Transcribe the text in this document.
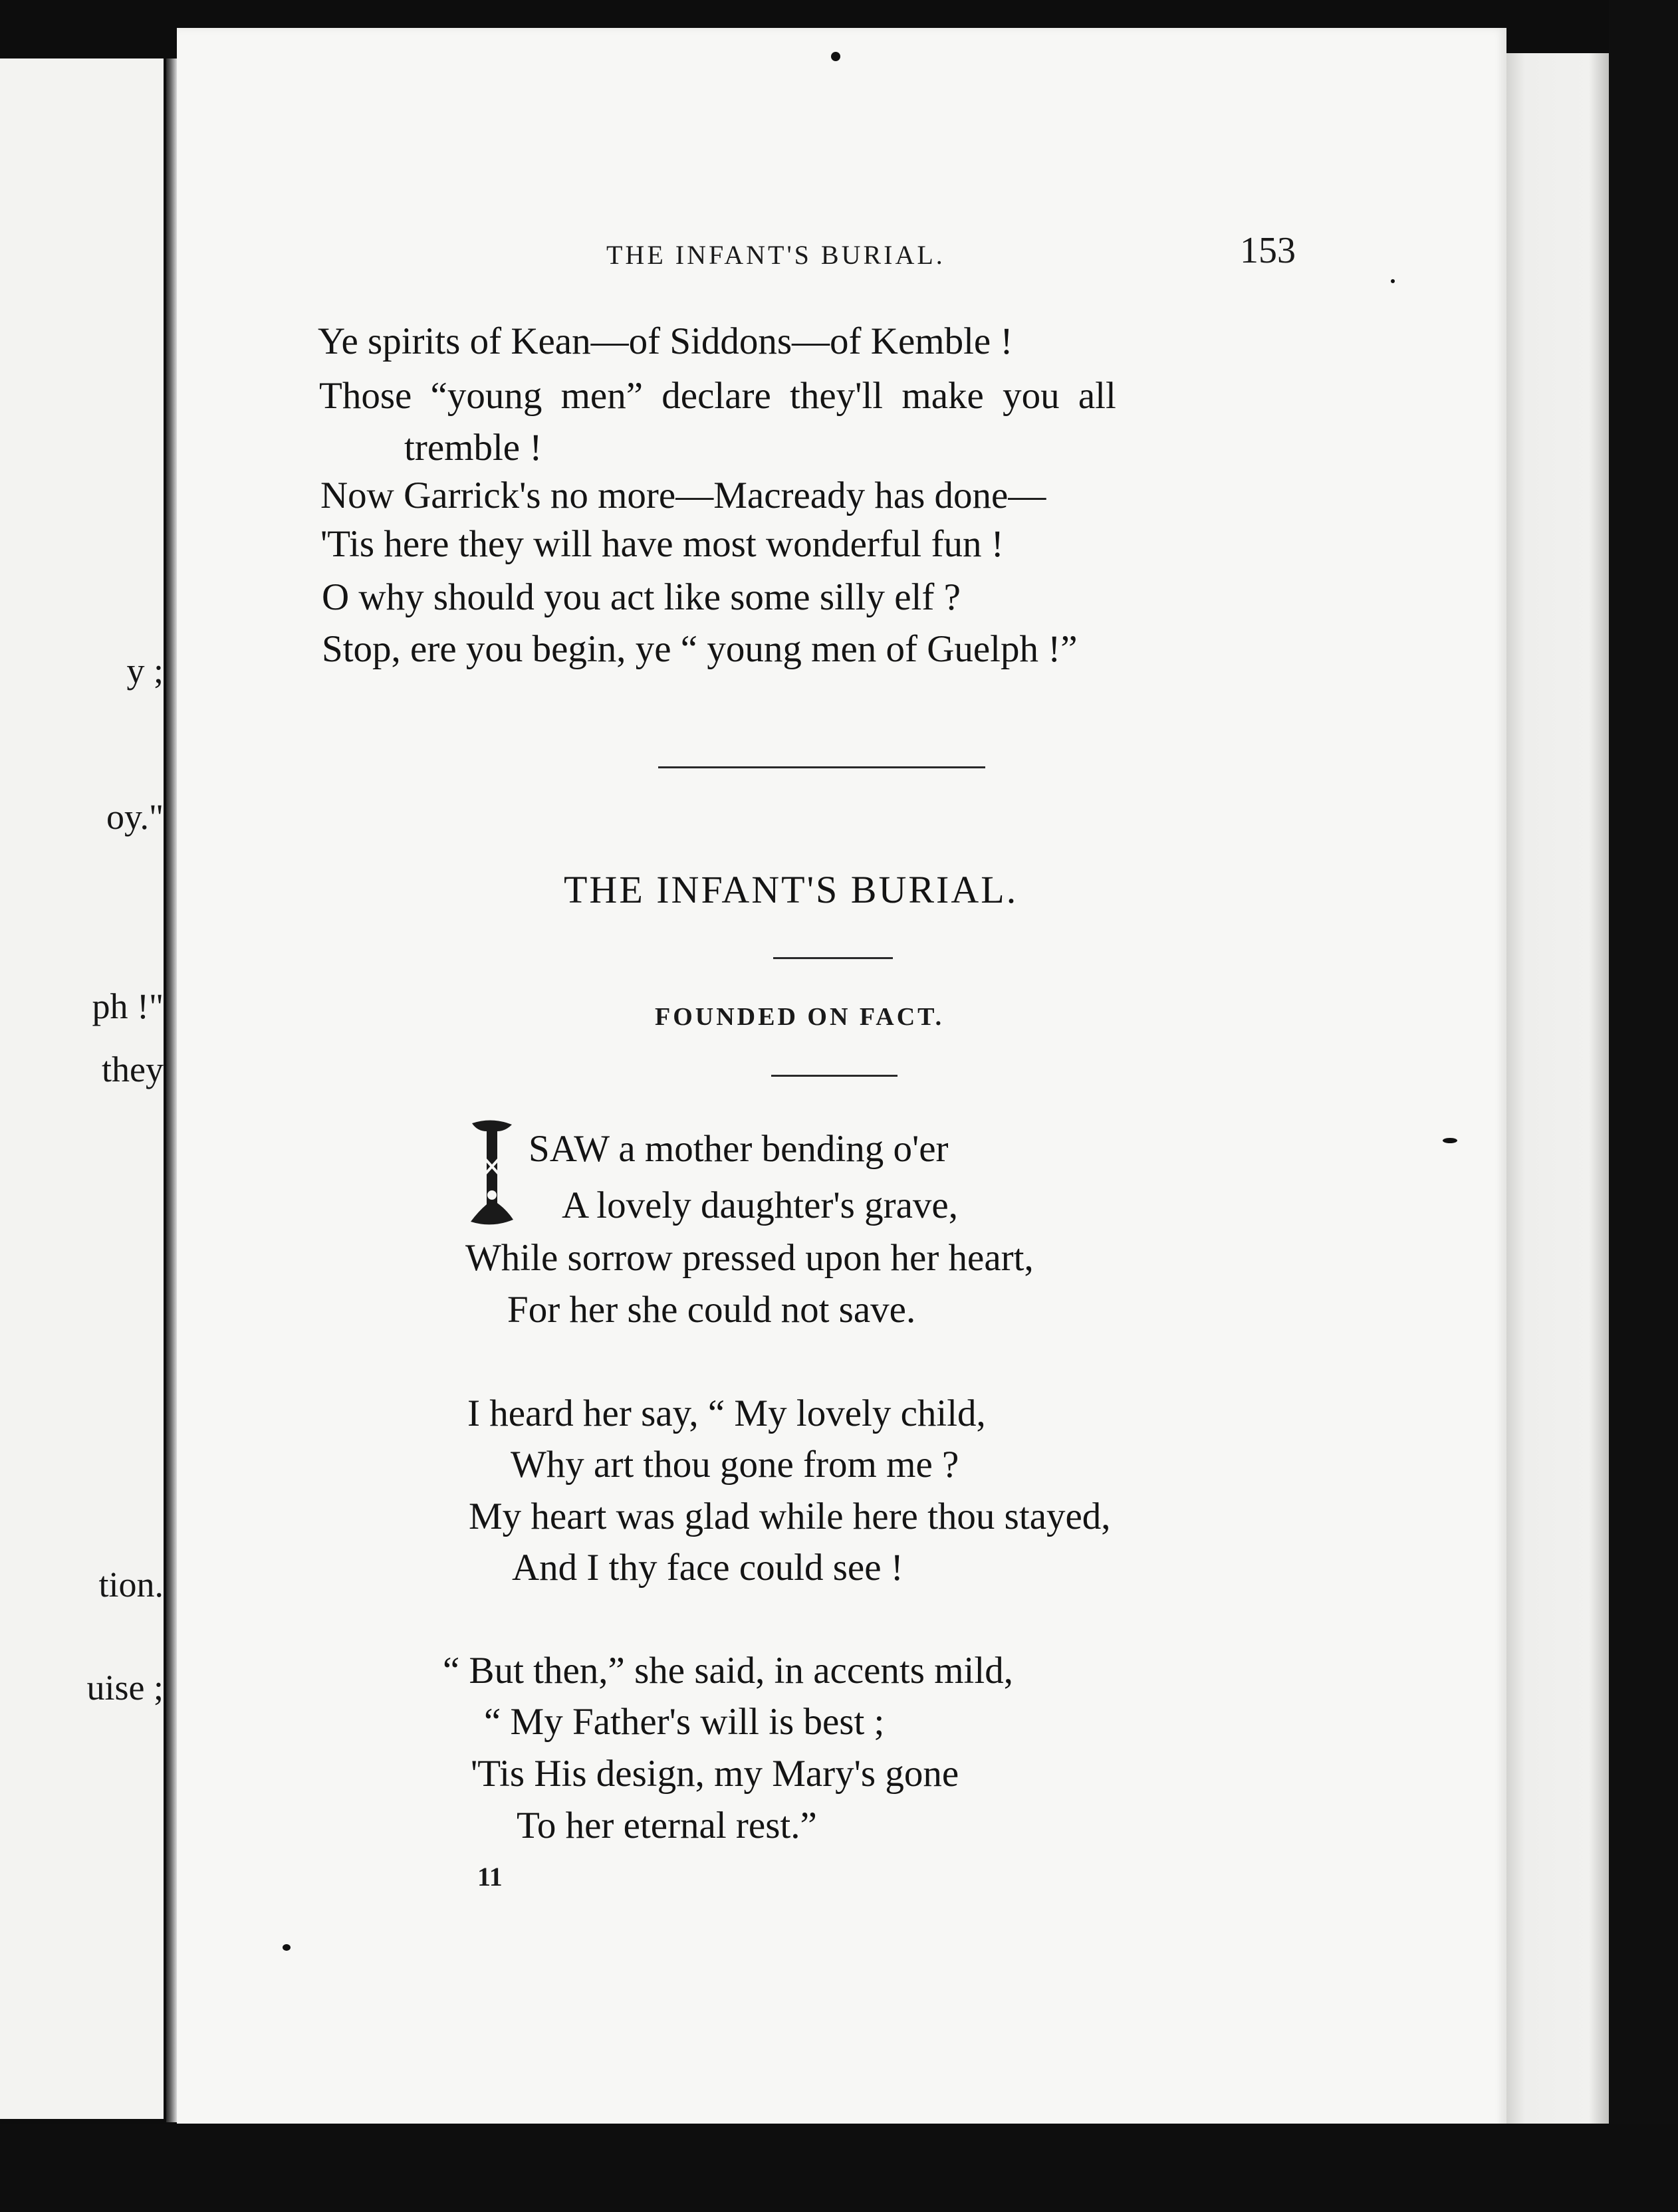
y ;
oy."
ph !"
they
tion.
uise ;
THE INFANT'S BURIAL.	153
Ye spirits of Kean—of Siddons—of Kemble !
Those “young men” declare they'll make you all
tremble !
Now Garrick's no more—Macready has done—
'Tis here they will have most wonderful fun !
O why should you act like some silly elf ?
Stop, ere you begin, ye “ young men of Guelph !”
THE INFANT'S BURIAL.
FOUNDED ON FACT.
SAW a mother bending o'er
A lovely daughter's grave,
While sorrow pressed upon her heart,
For her she could not save.
I heard her say, “ My lovely child,
Why art thou gone from me ?
My heart was glad while here thou stayed,
And I thy face could see !
“ But then,” she said, in accents mild,
“ My Father's will is best ;
'Tis His design, my Mary's gone
To her eternal rest.”
11
